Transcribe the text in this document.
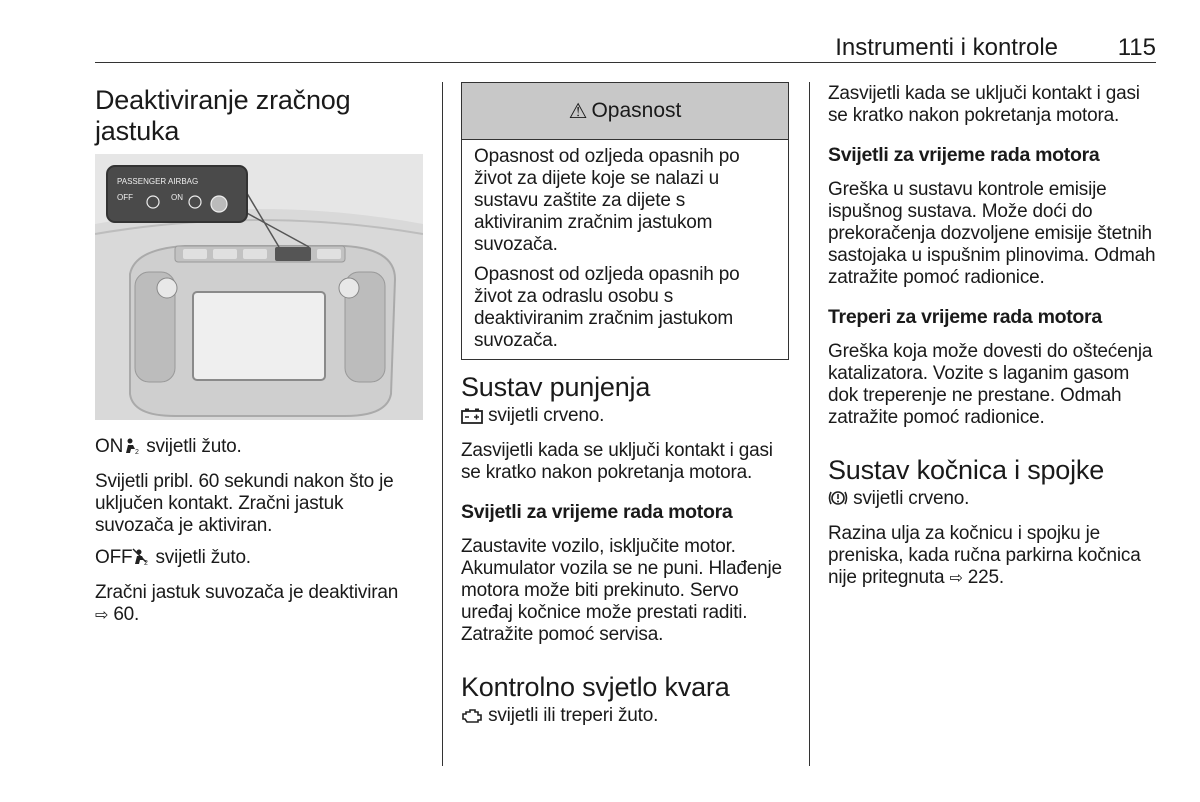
Instrumenti i kontrole 115
Deaktiviranje zračnog
jastuka
PASSENGER AIRBAG
OFF	ON

ON 2 svijetli žuto.

Svijetli pribl. 60 sekundi nakon što je uključen kontakt. Zračni jastuk suvozača je aktiviran.

OFF 2 svijetli žuto.

Zračni jastuk suvozača je deaktiviran
⇨ 60.

⚠ Opasnost

Opasnost od ozljeda opasnih po život za dijete koje se nalazi u sustavu zaštite za dijete s aktiviranim zračnim jastukom suvozača.

Opasnost od ozljeda opasnih po život za odraslu osobu s deaktiviranim zračnim jastukom suvozača.

Sustav punjenja

svijetli crveno.

Zasvijetli kada se uključi kontakt i gasi se kratko nakon pokretanja motora.

Svijetli za vrijeme rada motora

Zaustavite vozilo, isključite motor. Akumulator vozila se ne puni. Hlađenje motora može biti prekinuto. Servo uređaj kočnice može prestati raditi. Zatražite pomoć servisa.

Kontrolno svjetlo kvara

svijetli ili treperi žuto.

Zasvijetli kada se uključi kontakt i gasi se kratko nakon pokretanja motora.

Svijetli za vrijeme rada motora

Greška u sustavu kontrole emisije ispušnog sustava. Može doći do prekoračenja dozvoljene emisije štetnih sastojaka u ispušnim plinovima. Odmah zatražite pomoć radionice.

Treperi za vrijeme rada motora

Greška koja može dovesti do oštećenja katalizatora. Vozite s laganim gasom dok treperenje ne prestane. Odmah zatražite pomoć radionice.

Sustav kočnica i spojke

svijetli crveno.

Razina ulja za kočnicu i spojku je preniska, kada ručna parkirna kočnica nije pritegnuta ⇨ 225.
